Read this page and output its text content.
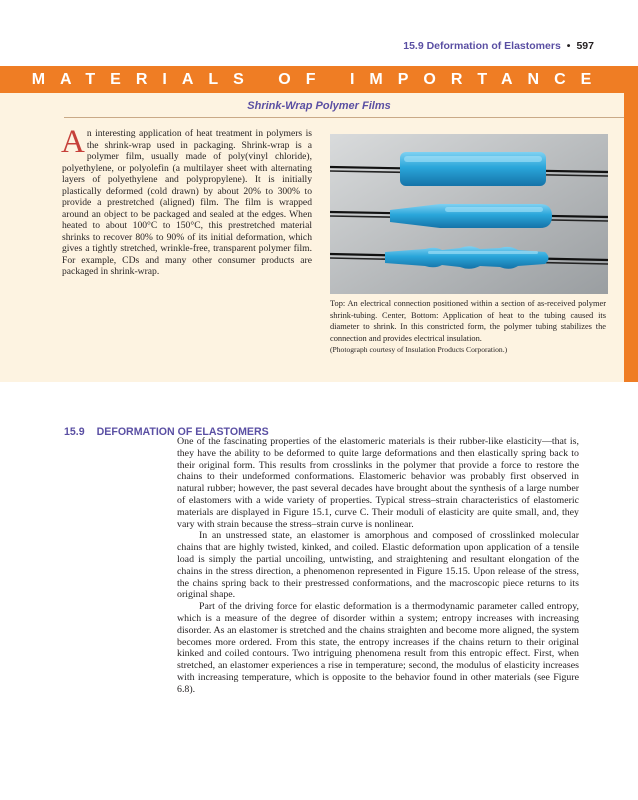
15.9 Deformation of Elastomers • 597
MATERIALS OF IMPORTANCE
Shrink-Wrap Polymer Films
An interesting application of heat treatment in polymers is the shrink-wrap used in packaging. Shrink-wrap is a polymer film, usually made of poly(vinyl chloride), polyethylene, or polyolefin (a multilayer sheet with alternating layers of polyethylene and polypropylene). It is initially plastically deformed (cold drawn) by about 20% to 300% to provide a prestretched (aligned) film. The film is wrapped around an object to be packaged and sealed at the edges. When heated to about 100°C to 150°C, this prestretched material shrinks to recover 80% to 90% of its initial deformation, which gives a tightly stretched, wrinkle-free, transparent polymer film. For example, CDs and many other consumer products are packaged in shrink-wrap.
Top: An electrical connection positioned within a section of as-received polymer shrink-tubing. Center, Bottom: Application of heat to the tubing caused its diameter to shrink. In this constricted form, the polymer tubing stabilizes the connection and provides electrical insulation.
(Photograph courtesy of Insulation Products Corporation.)
15.9 DEFORMATION OF ELASTOMERS

One of the fascinating properties of the elastomeric materials is their rubber-like elasticity—that is, they have the ability to be deformed to quite large deformations and then elastically spring back to their original form. This results from crosslinks in the polymer that provide a force to restore the chains to their undeformed conformations. Elastomeric behavior was probably first observed in natural rubber; however, the past several decades have brought about the synthesis of a large number of elastomers with a wide variety of properties. Typical stress–strain characteristics of elastomeric materials are displayed in Figure 15.1, curve C. Their moduli of elasticity are quite small, and, they vary with strain because the stress–strain curve is nonlinear.

In an unstressed state, an elastomer is amorphous and composed of crosslinked molecular chains that are highly twisted, kinked, and coiled. Elastic deformation upon application of a tensile load is simply the partial uncoiling, untwisting, and straightening and resultant elongation of the chains in the stress direction, a phenomenon represented in Figure 15.15. Upon release of the stress, the chains spring back to their prestressed conformations, and the macroscopic piece returns to its original shape.

Part of the driving force for elastic deformation is a thermodynamic parameter called entropy, which is a measure of the degree of disorder within a system; entropy increases with increasing disorder. As an elastomer is stretched and the chains straighten and become more aligned, the system becomes more ordered. From this state, the entropy increases if the chains return to their original kinked and coiled contours. Two intriguing phenomena result from this entropic effect. First, when stretched, an elastomer experiences a rise in temperature; second, the modulus of elasticity increases with increasing temperature, which is opposite to the behavior found in other materials (see Figure 6.8).
